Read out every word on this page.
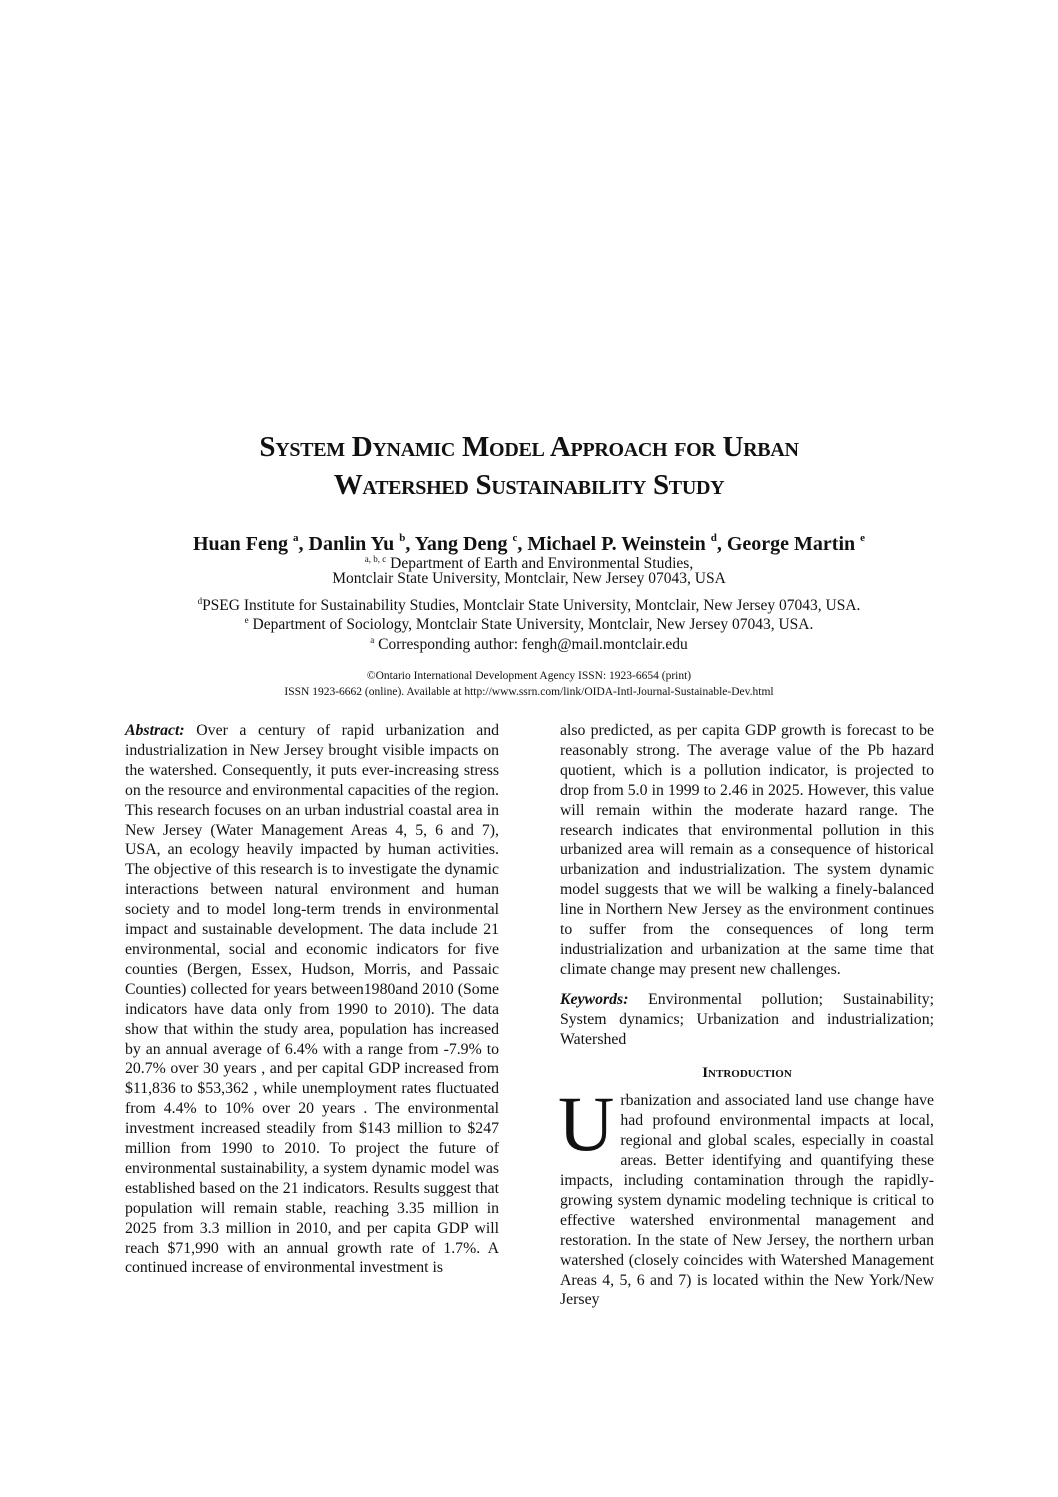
System Dynamic Model Approach for Urban
Watershed Sustainability Study
Huan Feng $^a$, Danlin Yu $^b$, Yang Deng $^c$, Michael P. Weinstein $^d$, George Martin $^e$
$^{a, b, c}$ Department of Earth and Environmental Studies,
Montclair State University, Montclair, New Jersey 07043, USA
$^d$PSEG Institute for Sustainability Studies, Montclair State University, Montclair, New Jersey 07043, USA.
$^e$ Department of Sociology, Montclair State University, Montclair, New Jersey 07043, USA.
$^a$ Corresponding author: fengh@mail.montclair.edu
©Ontario International Development Agency ISSN: 1923-6654 (print)
ISSN 1923-6662 (online). Available at http://www.ssrn.com/link/OIDA-Intl-Journal-Sustainable-Dev.html

Abstract: Over a century of rapid urbanization and industrialization in New Jersey brought visible impacts on the watershed. Consequently, it puts ever-increasing stress on the resource and environmental capacities of the region. This research focuses on an urban industrial coastal area in New Jersey (Water Management Areas 4, 5, 6 and 7), USA, an ecology heavily impacted by human activities. The objective of this research is to investigate the dynamic interactions between natural environment and human society and to model long-term trends in environmental impact and sustainable development. The data include 21 environmental, social and economic indicators for five counties (Bergen, Essex, Hudson, Morris, and Passaic Counties) collected for years between1980and 2010 (Some indicators have data only from 1990 to 2010). The data show that within the study area, population has increased by an annual average of 6.4% with a range from -7.9% to 20.7% over 30 years , and per capital GDP increased from $11,836 to $53,362 , while unemployment rates fluctuated from 4.4% to 10% over 20 years . The environmental investment increased steadily from $143 million to $247 million from 1990 to 2010. To project the future of environmental sustainability, a system dynamic model was established based on the 21 indicators. Results suggest that population will remain stable, reaching 3.35 million in 2025 from 3.3 million in 2010, and per capita GDP will reach $71,990 with an annual growth rate of 1.7%. A continued increase of environmental investment is

also predicted, as per capita GDP growth is forecast to be reasonably strong. The average value of the Pb hazard quotient, which is a pollution indicator, is projected to drop from 5.0 in 1999 to 2.46 in 2025. However, this value will remain within the moderate hazard range. The research indicates that environmental pollution in this urbanized area will remain as a consequence of historical urbanization and industrialization. The system dynamic model suggests that we will be walking a finely-balanced line in Northern New Jersey as the environment continues to suffer from the consequences of long term industrialization and urbanization at the same time that climate change may present new challenges.

Keywords: Environmental pollution; Sustainability; System dynamics; Urbanization and industrialization; Watershed

Introduction

Urbanization and associated land use change have had profound environmental impacts at local, regional and global scales, especially in coastal areas. Better identifying and quantifying these impacts, including contamination through the rapidly-growing system dynamic modeling technique is critical to effective watershed environmental management and restoration. In the state of New Jersey, the northern urban watershed (closely coincides with Watershed Management Areas 4, 5, 6 and 7) is located within the New York/New Jersey
